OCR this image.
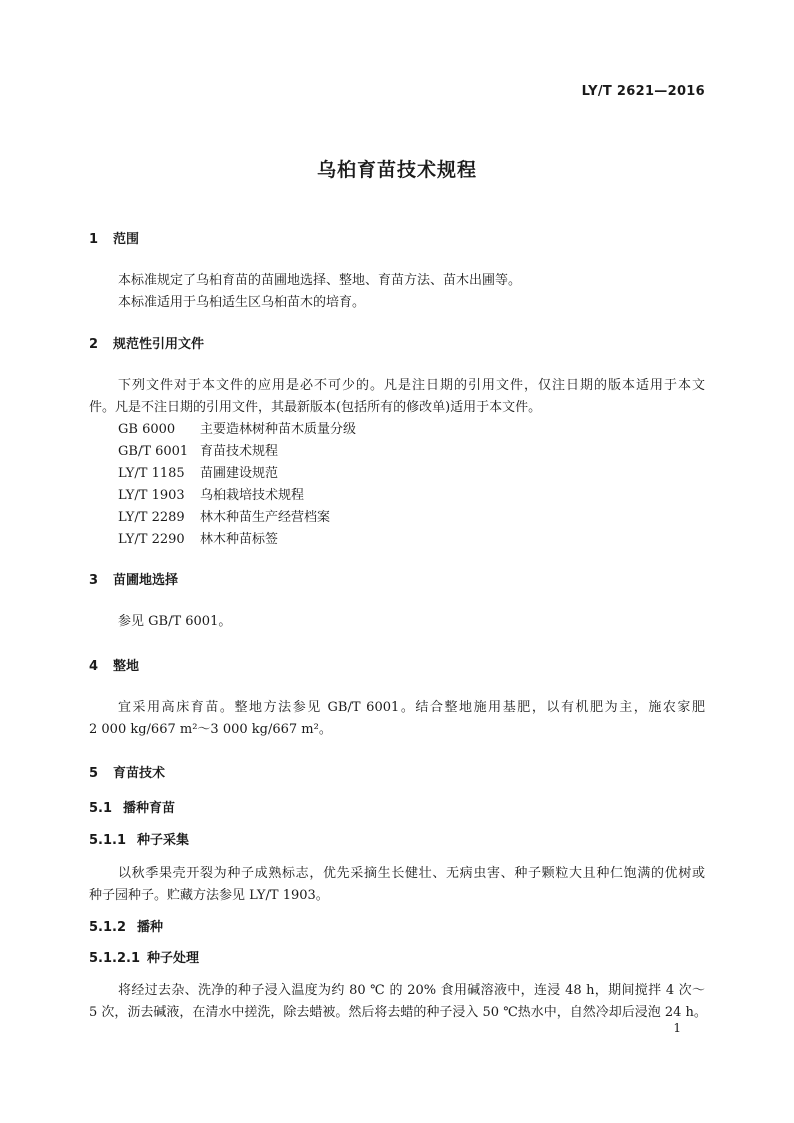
LY/T 2621—2016
乌桕育苗技术规程
1 范围
本标准规定了乌桕育苗的苗圃地选择、整地、育苗方法、苗木出圃等。
本标准适用于乌桕适生区乌桕苗木的培育。
2 规范性引用文件
下列文件对于本文件的应用是必不可少的。凡是注日期的引用文件，仅注日期的版本适用于本文
件。凡是不注日期的引用文件，其最新版本(包括所有的修改单)适用于本文件。
GB 6000 主要造林树种苗木质量分级
GB/T 6001 育苗技术规程
LY/T 1185 苗圃建设规范
LY/T 1903 乌桕栽培技术规程
LY/T 2289 林木种苗生产经营档案
LY/T 2290 林木种苗标签
3 苗圃地选择
参见 GB/T 6001。
4 整地
宜采用高床育苗。整地方法参见 GB/T 6001。结合整地施用基肥，以有机肥为主，施农家肥
2 000 kg/667 m²～3 000 kg/667 m²。
5 育苗技术
5.1 播种育苗
5.1.1 种子采集
以秋季果壳开裂为种子成熟标志，优先采摘生长健壮、无病虫害、种子颗粒大且种仁饱满的优树或
种子园种子。贮藏方法参见 LY/T 1903。
5.1.2 播种
5.1.2.1 种子处理
将经过去杂、洗净的种子浸入温度为约 80 ℃ 的 20% 食用碱溶液中，连浸 48 h，期间搅拌 4 次～
5 次，沥去碱液，在清水中搓洗，除去蜡被。然后将去蜡的种子浸入 50 ℃热水中，自然冷却后浸泡 24 h。
1
